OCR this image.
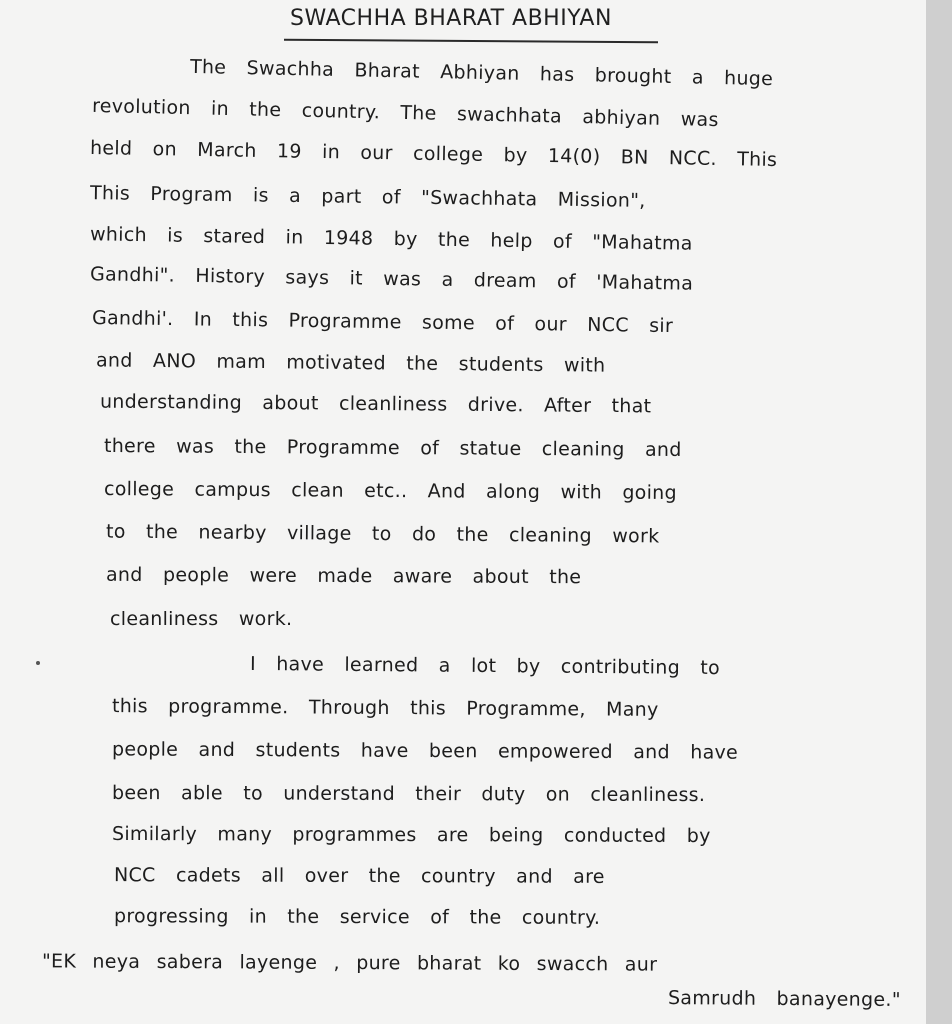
SWACHHA BHARAT ABHIYAN
The Swachha Bharat Abhiyan has brought a huge
revolution in the country. The swachhata abhiyan was
held on March 19 in our college by 14(0) BN NCC. This
This Program is a part of "Swachhata Mission",
which is stared in 1948 by the help of "Mahatma
Gandhi". History says it was a dream of 'Mahatma
Gandhi'. In this Programme some of our NCC sir
and ANO mam motivated the students with
understanding about cleanliness drive. After that
there was the Programme of statue cleaning and
college campus clean etc.. And along with going
to the nearby village to do the cleaning work
and people were made aware about the
cleanliness work.
I have learned a lot by contributing to
this programme. Through this Programme, Many
people and students have been empowered and have
been able to understand their duty on cleanliness.
Similarly many programmes are being conducted by
NCC cadets all over the country and are
progressing in the service of the country.
"EK neya sabera layenge , pure bharat ko swacch aur
Samrudh banayenge."
